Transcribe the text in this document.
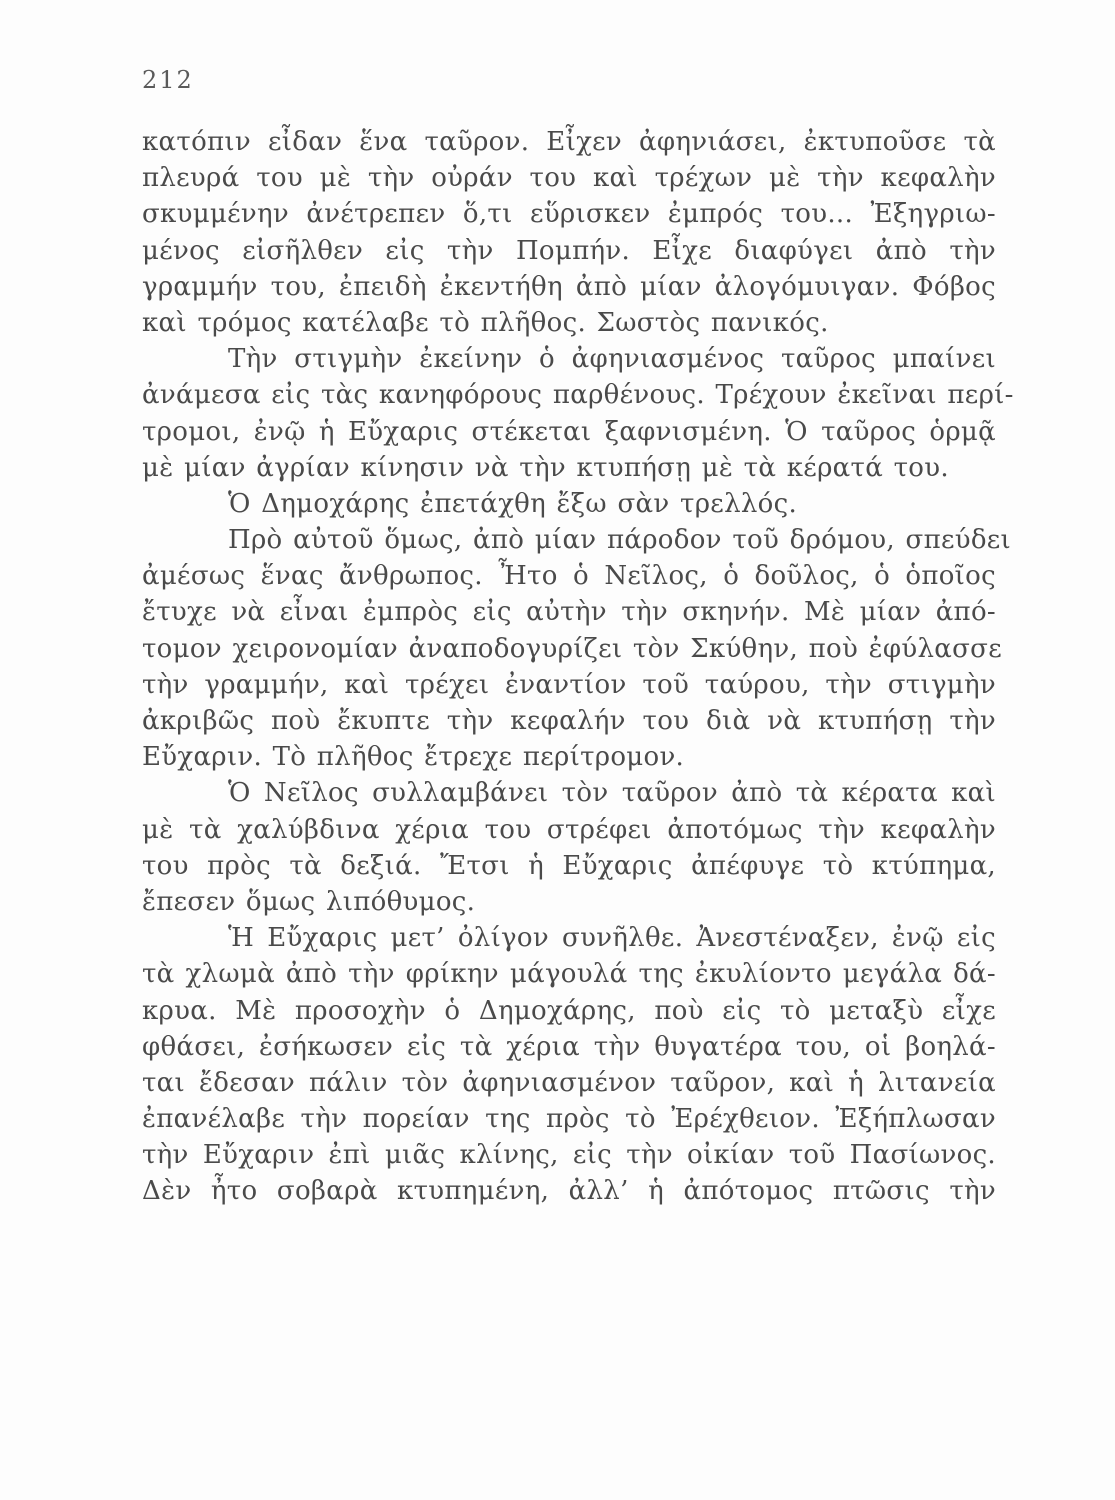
212
κατόπιν εἶδαν ἕνα ταῦρον. Εἶχεν ἀφηνιάσει, ἐκτυποῦσε τὰ
πλευρά του μὲ τὴν οὐράν του καὶ τρέχων μὲ τὴν κεφαλὴν
σκυμμένην ἀνέτρεπεν ὅ,τι εὕρισκεν ἐμπρός του... Ἐξηγριω-
μένος εἰσῆλθεν εἰς τὴν Πομπήν. Εἶχε διαφύγει ἀπὸ τὴν
γραμμήν του, ἐπειδὴ ἐκεντήθη ἀπὸ μίαν ἀλογόμυιγαν. Φόβος
καὶ τρόμος κατέλαβε τὸ πλῆθος. Σωστὸς πανικός.
Τὴν στιγμὴν ἐκείνην ὁ ἀφηνιασμένος ταῦρος μπαίνει
ἀνάμεσα εἰς τὰς κανηφόρους παρθένους. Τρέχουν ἐκεῖναι περί-
τρομοι, ἐνῷ ἡ Εὔχαρις στέκεται ξαφνισμένη. Ὁ ταῦρος ὁρμᾷ
μὲ μίαν ἀγρίαν κίνησιν νὰ τὴν κτυπήσῃ μὲ τὰ κέρατά του.
Ὁ Δημοχάρης ἐπετάχθη ἔξω σὰν τρελλός.
Πρὸ αὐτοῦ ὅμως, ἀπὸ μίαν πάροδον τοῦ δρόμου, σπεύδει
ἀμέσως ἕνας ἄνθρωπος. Ἦτο ὁ Νεῖλος, ὁ δοῦλος, ὁ ὁποῖος
ἔτυχε νὰ εἶναι ἐμπρὸς εἰς αὐτὴν τὴν σκηνήν. Μὲ μίαν ἀπό-
τομον χειρονομίαν ἀναποδογυρίζει τὸν Σκύθην, ποὺ ἐφύλασσε
τὴν γραμμήν, καὶ τρέχει ἐναντίον τοῦ ταύρου, τὴν στιγμὴν
ἀκριβῶς ποὺ ἔκυπτε τὴν κεφαλήν του διὰ νὰ κτυπήσῃ τὴν
Εὔχαριν. Τὸ πλῆθος ἔτρεχε περίτρομον.
Ὁ Νεῖλος συλλαμβάνει τὸν ταῦρον ἀπὸ τὰ κέρατα καὶ
μὲ τὰ χαλύβδινα χέρια του στρέφει ἀποτόμως τὴν κεφαλὴν
του πρὸς τὰ δεξιά. Ἔτσι ἡ Εὔχαρις ἀπέφυγε τὸ κτύπημα,
ἔπεσεν ὅμως λιπόθυμος.
Ἡ Εὔχαρις μετ’ ὀλίγον συνῆλθε. Ἀνεστέναξεν, ἐνῷ εἰς
τὰ χλωμὰ ἀπὸ τὴν φρίκην μάγουλά της ἐκυλίοντο μεγάλα δά-
κρυα. Μὲ προσοχὴν ὁ Δημοχάρης, ποὺ εἰς τὸ μεταξὺ εἶχε
φθάσει, ἐσήκωσεν εἰς τὰ χέρια τὴν θυγατέρα του, οἱ βοηλά-
ται ἔδεσαν πάλιν τὸν ἀφηνιασμένον ταῦρον, καὶ ἡ λιτανεία
ἐπανέλαβε τὴν πορείαν της πρὸς τὸ Ἐρέχθειον. Ἐξήπλωσαν
τὴν Εὔχαριν ἐπὶ μιᾶς κλίνης, εἰς τὴν οἰκίαν τοῦ Πασίωνος.
Δὲν ἦτο σοβαρὰ κτυπημένη, ἀλλ’ ἡ ἀπότομος πτῶσις τὴν
